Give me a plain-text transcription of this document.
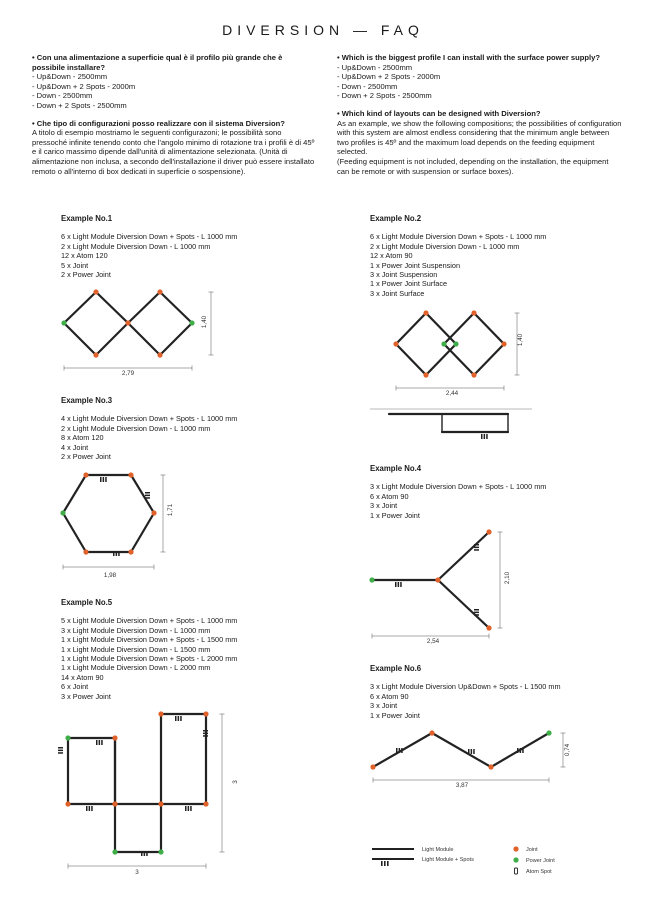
DIVERSION — FAQ

• Con una alimentazione a superficie qual è il profilo più grande che è possibile installare?

- Up&Down - 2500mm
- Up&Down + 2 Spots - 2000m
- Down - 2500mm
- Down + 2 Spots - 2500mm

• Che tipo di configurazioni posso realizzare con il sistema Diversion?

A titolo di esempio mostriamo le seguenti configurazoni; le possibilità sono pressoché infinite tenendo conto che l'angolo minimo di rotazione tra i profili è di 45º e il carico massimo dipende dall'unità di alimentazione selezionata. (Unità di alimentazione non inclusa, a secondo dell'installazione il driver può essere installato remoto o all'interno di box dedicati in superficie o sospensione).

• Which is the biggest profile I can install with the surface power supply?

- Up&Down - 2500mm
- Up&Down + 2 Spots - 2000m
- Down - 2500mm
- Down + 2 Spots - 2500mm

• Which kind of layouts can be designed with Diversion?

As an example, we show the following compositions; the possibilities of configuration with this system are almost endless considering that the minimum angle between two profiles is 45º and the maximum load depends on the feeding equipment selected.

(Feeding equipment is not included, depending on the installation, the equipment can be remote or with suspension or surface boxes).

Example No.1
6 x Light Module Diversion Down + Spots - L 1000 mm
2 x Light Module Diversion Down - L 1000 mm
12 x Atom 120
5 x Joint
2 x Power Joint
Example No.2
6 x Light Module Diversion Down + Spots - L 1000 mm
2 x Light Module Diversion Down - L 1000 mm
12 x Atom 90
1 x Power Joint Suspension
3 x Joint Suspension
1 x Power Joint Surface
3 x Joint Surface
Example No.3
4 x Light Module Diversion Down + Spots - L 1000 mm
2 x Light Module Diversion Down - L 1000 mm
8 x Atom 120
4 x Joint
2 x Power Joint
Example No.4
3 x Light Module Diversion Down + Spots - L 1000 mm
6 x Atom 90
3 x Joint
1 x Power Joint
Example No.5
5 x Light Module Diversion Down + Spots - L 1000 mm
3 x Light Module Diversion Down - L 1000 mm
1 x Light Module Diversion Down + Spots - L 1500 mm
1 x Light Module Diversion Down - L 1500 mm
1 x Light Module Diversion Down + Spots - L 2000 mm
1 x Light Module Diversion Down - L 2000 mm
14 x Atom 90
6 x Joint
3 x Power Joint
Example No.6
3 x Light Module Diversion Up&Down + Spots - L 1500 mm
6 x Atom 90
3 x Joint
1 x Power Joint
1,40
2,79
1,40
2,44
1,71
1,98	2,10
2,54
3
3
0,74
3,87
Light Module
Light Module + Spots
Joint
Power Joint
Atom Spot
